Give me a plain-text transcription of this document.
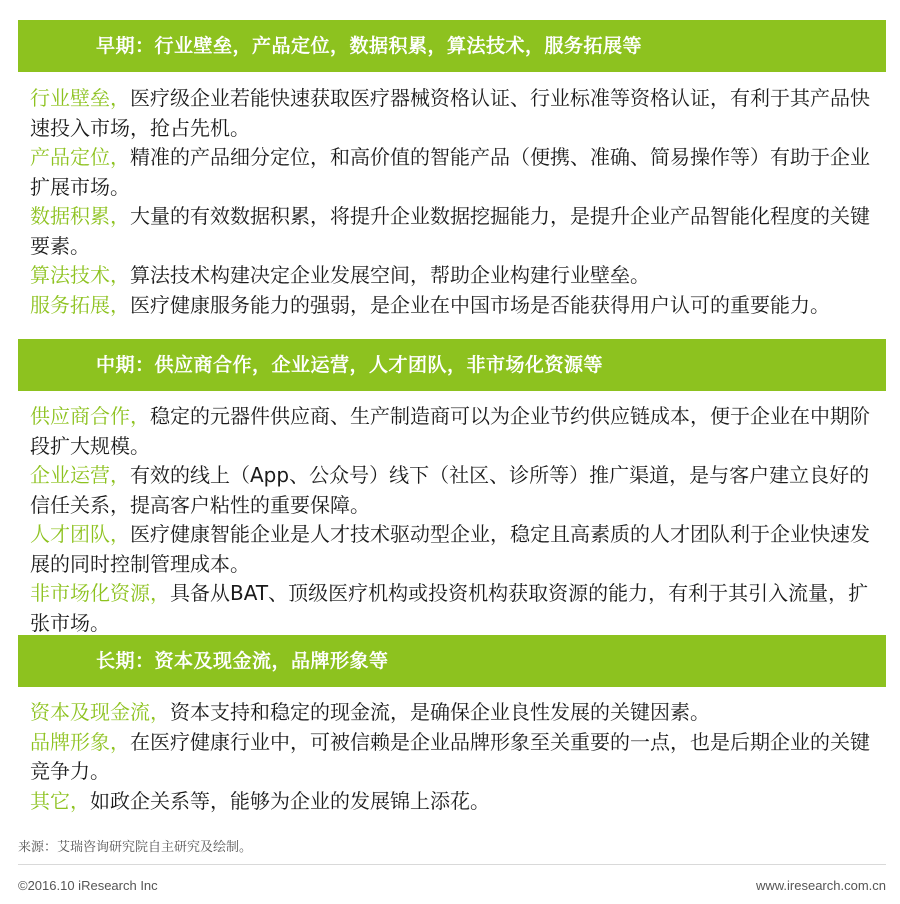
早期：行业壁垒，产品定位，数据积累，算法技术，服务拓展等

行业壁垒，医疗级企业若能快速获取医疗器械资格认证、行业标准等资格认证，有利于其产品快速投入市场，抢占先机。

产品定位，精准的产品细分定位，和高价值的智能产品（便携、准确、简易操作等）有助于企业扩展市场。

数据积累，大量的有效数据积累，将提升企业数据挖掘能力，是提升企业产品智能化程度的关键要素。

算法技术，算法技术构建决定企业发展空间，帮助企业构建行业壁垒。

服务拓展，医疗健康服务能力的强弱，是企业在中国市场是否能获得用户认可的重要能力。

中期：供应商合作，企业运营，人才团队，非市场化资源等

供应商合作，稳定的元器件供应商、生产制造商可以为企业节约供应链成本，便于企业在中期阶段扩大规模。

企业运营，有效的线上（App、公众号）线下（社区、诊所等）推广渠道，是与客户建立良好的信任关系，提高客户粘性的重要保障。

人才团队，医疗健康智能企业是人才技术驱动型企业，稳定且高素质的人才团队利于企业快速发展的同时控制管理成本。

非市场化资源，具备从BAT、顶级医疗机构或投资机构获取资源的能力，有利于其引入流量，扩张市场。

长期：资本及现金流，品牌形象等

资本及现金流，资本支持和稳定的现金流，是确保企业良性发展的关键因素。

品牌形象，在医疗健康行业中，可被信赖是企业品牌形象至关重要的一点，也是后期企业的关键竞争力。

其它，如政企关系等，能够为企业的发展锦上添花。

来源：艾瑞咨询研究院自主研究及绘制。
©2016.10 iResearch Inc	www.iresearch.com.cn
